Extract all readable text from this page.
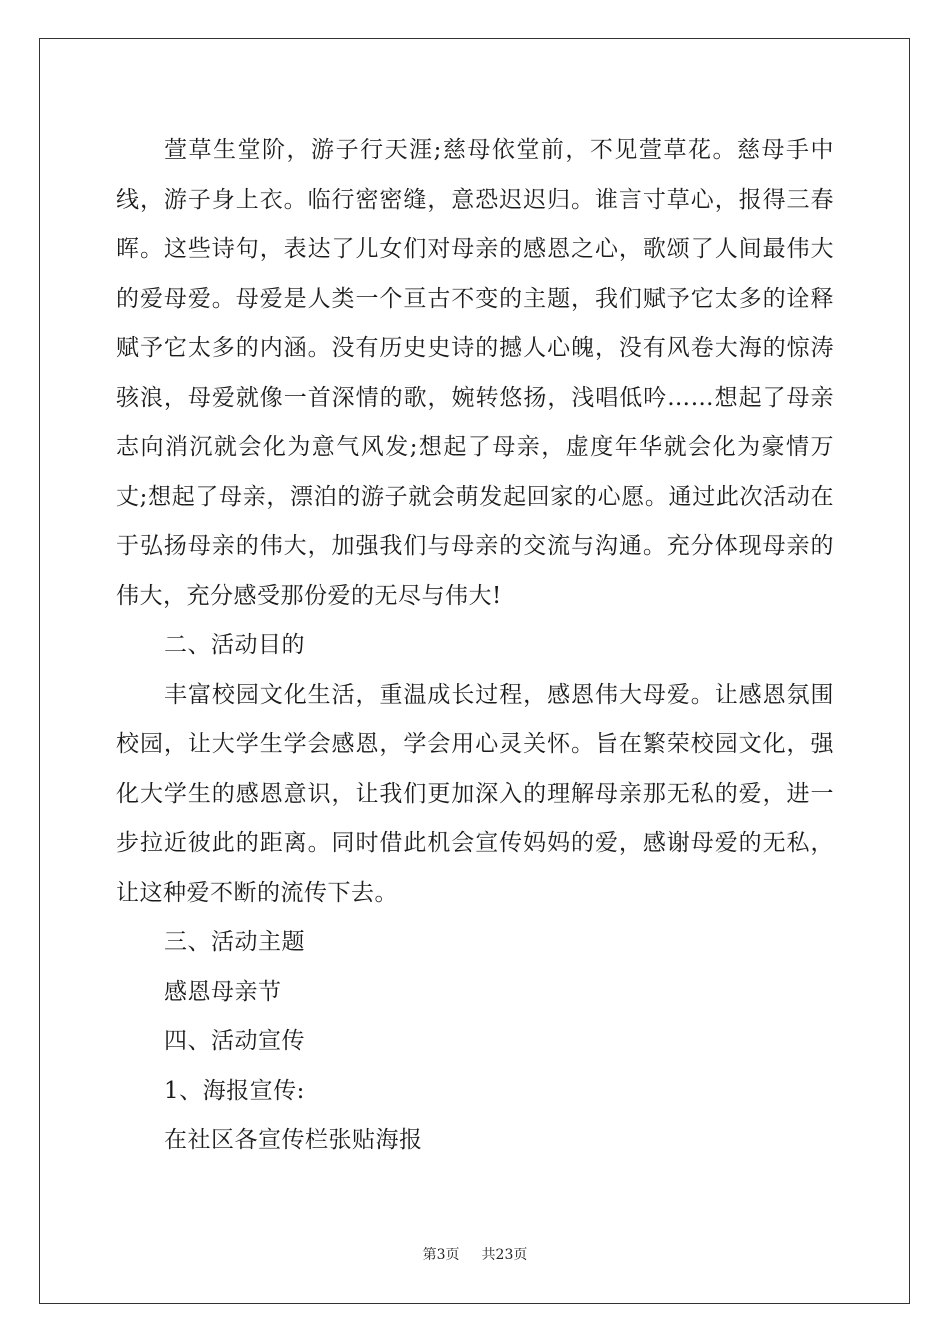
萱草生堂阶，游子行天涯;慈母依堂前，不见萱草花。慈母手中线，游子身上衣。临行密密缝，意恐迟迟归。谁言寸草心，报得三春晖。这些诗句，表达了儿女们对母亲的感恩之心，歌颂了人间最伟大的爱母爱。母爱是人类一个亘古不变的主题，我们赋予它太多的诠释赋予它太多的内涵。没有历史史诗的撼人心魄，没有风卷大海的惊涛骇浪，母爱就像一首深情的歌，婉转悠扬，浅唱低吟……想起了母亲志向消沉就会化为意气风发;想起了母亲，虚度年华就会化为豪情万丈;想起了母亲，漂泊的游子就会萌发起回家的心愿。通过此次活动在于弘扬母亲的伟大，加强我们与母亲的交流与沟通。充分体现母亲的伟大，充分感受那份爱的无尽与伟大!

二、活动目的

丰富校园文化生活，重温成长过程，感恩伟大母爱。让感恩氛围校园，让大学生学会感恩，学会用心灵关怀。旨在繁荣校园文化，强化大学生的感恩意识，让我们更加深入的理解母亲那无私的爱，进一步拉近彼此的距离。同时借此机会宣传妈妈的爱，感谢母爱的无私，让这种爱不断的流传下去。

三、活动主题

感恩母亲节

四、活动宣传

1、海报宣传:

在社区各宣传栏张贴海报

第3页 共23页
